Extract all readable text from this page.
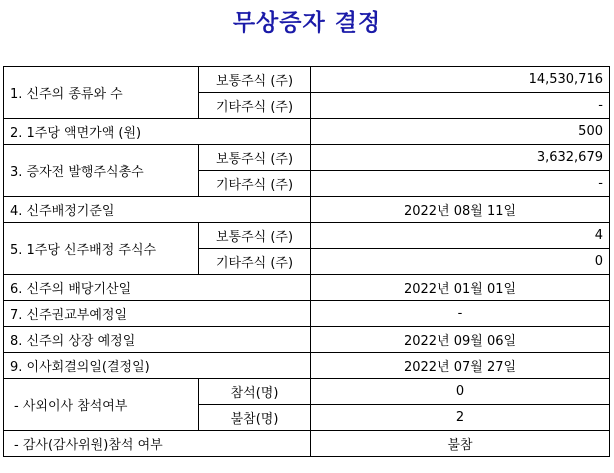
무상증자 결정
1. 신주의 종류와 수	보통주식 (주)	14,530,716
	기타주식 (주)	-
2. 1주당 액면가액 (원)		500
3. 증자전 발행주식총수	보통주식 (주)	3,632,679
	기타주식 (주)	-
4. 신주배정기준일		2022년 08월 11일
5. 1주당 신주배정 주식수	보통주식 (주)	4
	기타주식 (주)	0
6. 신주의 배당기산일		2022년 01월 01일
7. 신주권교부예정일		-
8. 신주의 상장 예정일		2022년 09월 06일
9. 이사회결의일(결정일)		2022년 07월 27일
- 사외이사 참석여부	참석(명)	0
	불참(명)	2
- 감사(감사위원)참석 여부		불참
